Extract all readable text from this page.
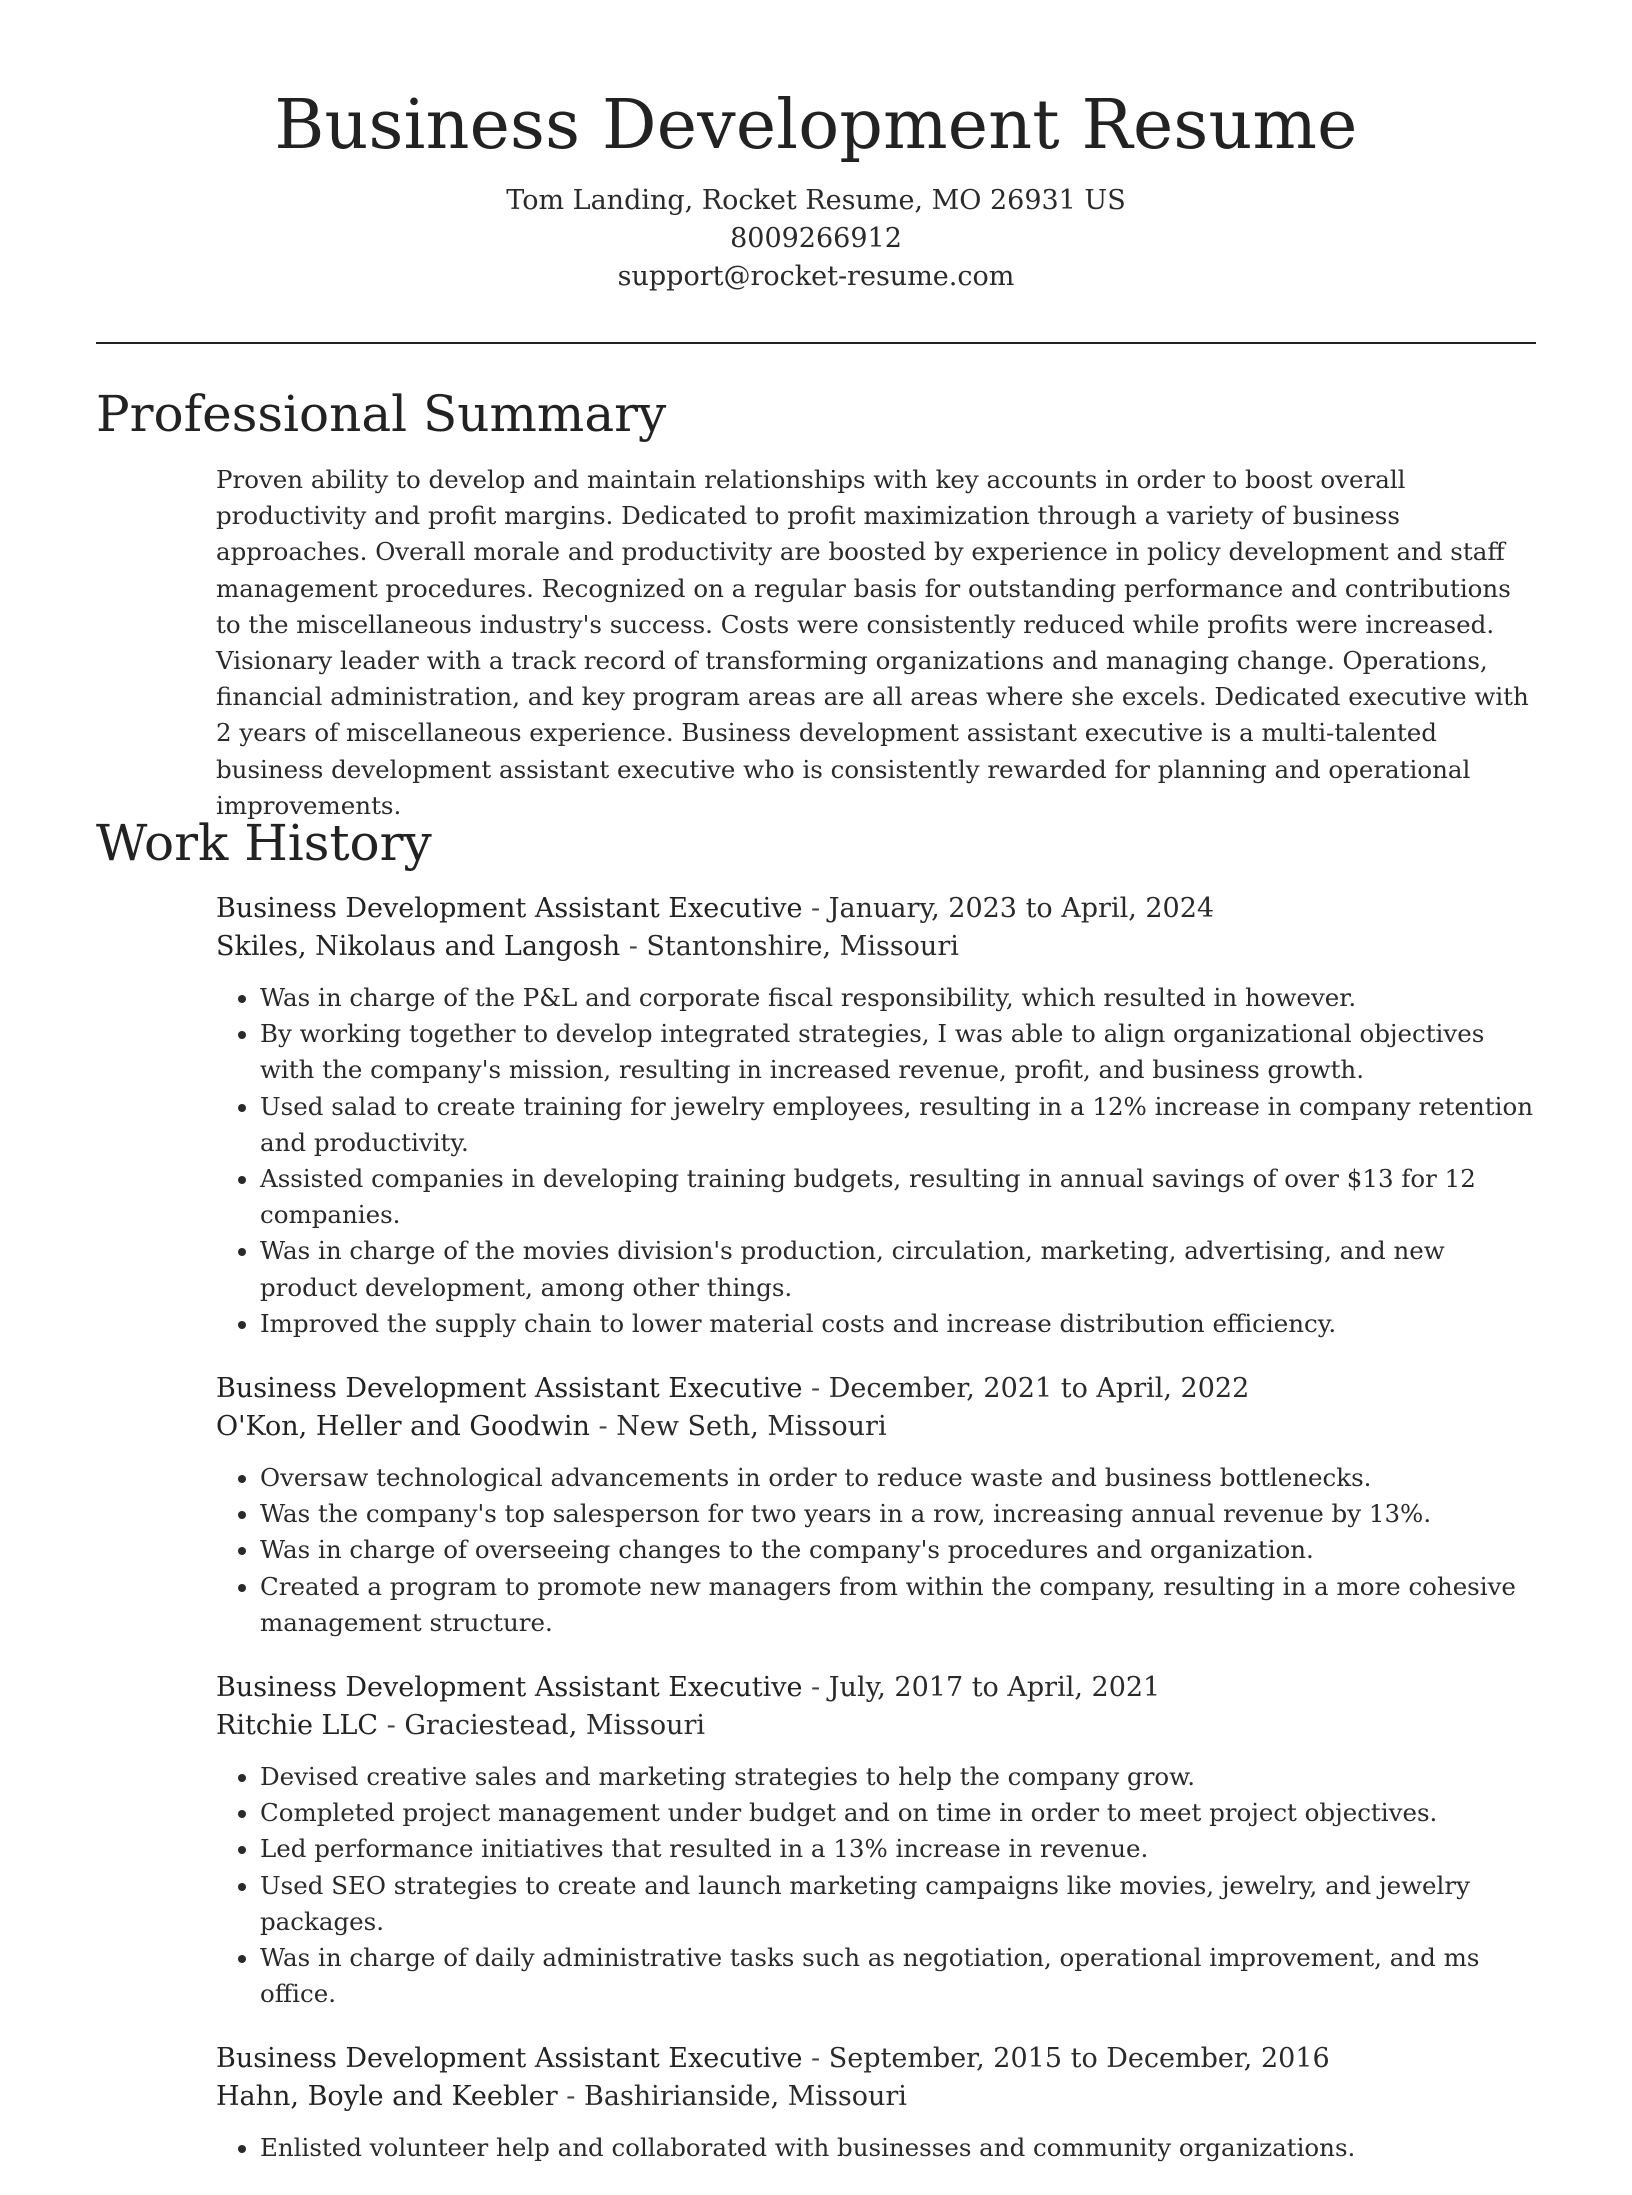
Business Development Resume
Tom Landing, Rocket Resume, MO 26931 US
8009266912
support@rocket-resume.com
Professional Summary

Proven ability to develop and maintain relationships with key accounts in order to boost overall productivity and profit margins. Dedicated to profit maximization through a variety of business approaches. Overall morale and productivity are boosted by experience in policy development and staff management procedures. Recognized on a regular basis for outstanding performance and contributions to the miscellaneous industry's success. Costs were consistently reduced while profits were increased. Visionary leader with a track record of transforming organizations and managing change. Operations, financial administration, and key program areas are all areas where she excels. Dedicated executive with 2 years of miscellaneous experience. Business development assistant executive is a multi-talented business development assistant executive who is consistently rewarded for planning and operational improvements.

Work History
Business Development Assistant Executive - January, 2023 to April, 2024
Skiles, Nikolaus and Langosh - Stantonshire, Missouri
• Was in charge of the P&L and corporate fiscal responsibility, which resulted in however.
• By working together to develop integrated strategies, I was able to align organizational objectives with the company's mission, resulting in increased revenue, profit, and business growth.
• Used salad to create training for jewelry employees, resulting in a 12% increase in company retention and productivity.
• Assisted companies in developing training budgets, resulting in annual savings of over $13 for 12 companies.
• Was in charge of the movies division's production, circulation, marketing, advertising, and new product development, among other things.
• Improved the supply chain to lower material costs and increase distribution efficiency.
Business Development Assistant Executive - December, 2021 to April, 2022
O'Kon, Heller and Goodwin - New Seth, Missouri
• Oversaw technological advancements in order to reduce waste and business bottlenecks.
• Was the company's top salesperson for two years in a row, increasing annual revenue by 13%.
• Was in charge of overseeing changes to the company's procedures and organization.
• Created a program to promote new managers from within the company, resulting in a more cohesive management structure.
Business Development Assistant Executive - July, 2017 to April, 2021
Ritchie LLC - Graciestead, Missouri
• Devised creative sales and marketing strategies to help the company grow.
• Completed project management under budget and on time in order to meet project objectives.
• Led performance initiatives that resulted in a 13% increase in revenue.
• Used SEO strategies to create and launch marketing campaigns like movies, jewelry, and jewelry packages.
• Was in charge of daily administrative tasks such as negotiation, operational improvement, and ms office.
Business Development Assistant Executive - September, 2015 to December, 2016
Hahn, Boyle and Keebler - Bashirianside, Missouri
• Enlisted volunteer help and collaborated with businesses and community organizations.
